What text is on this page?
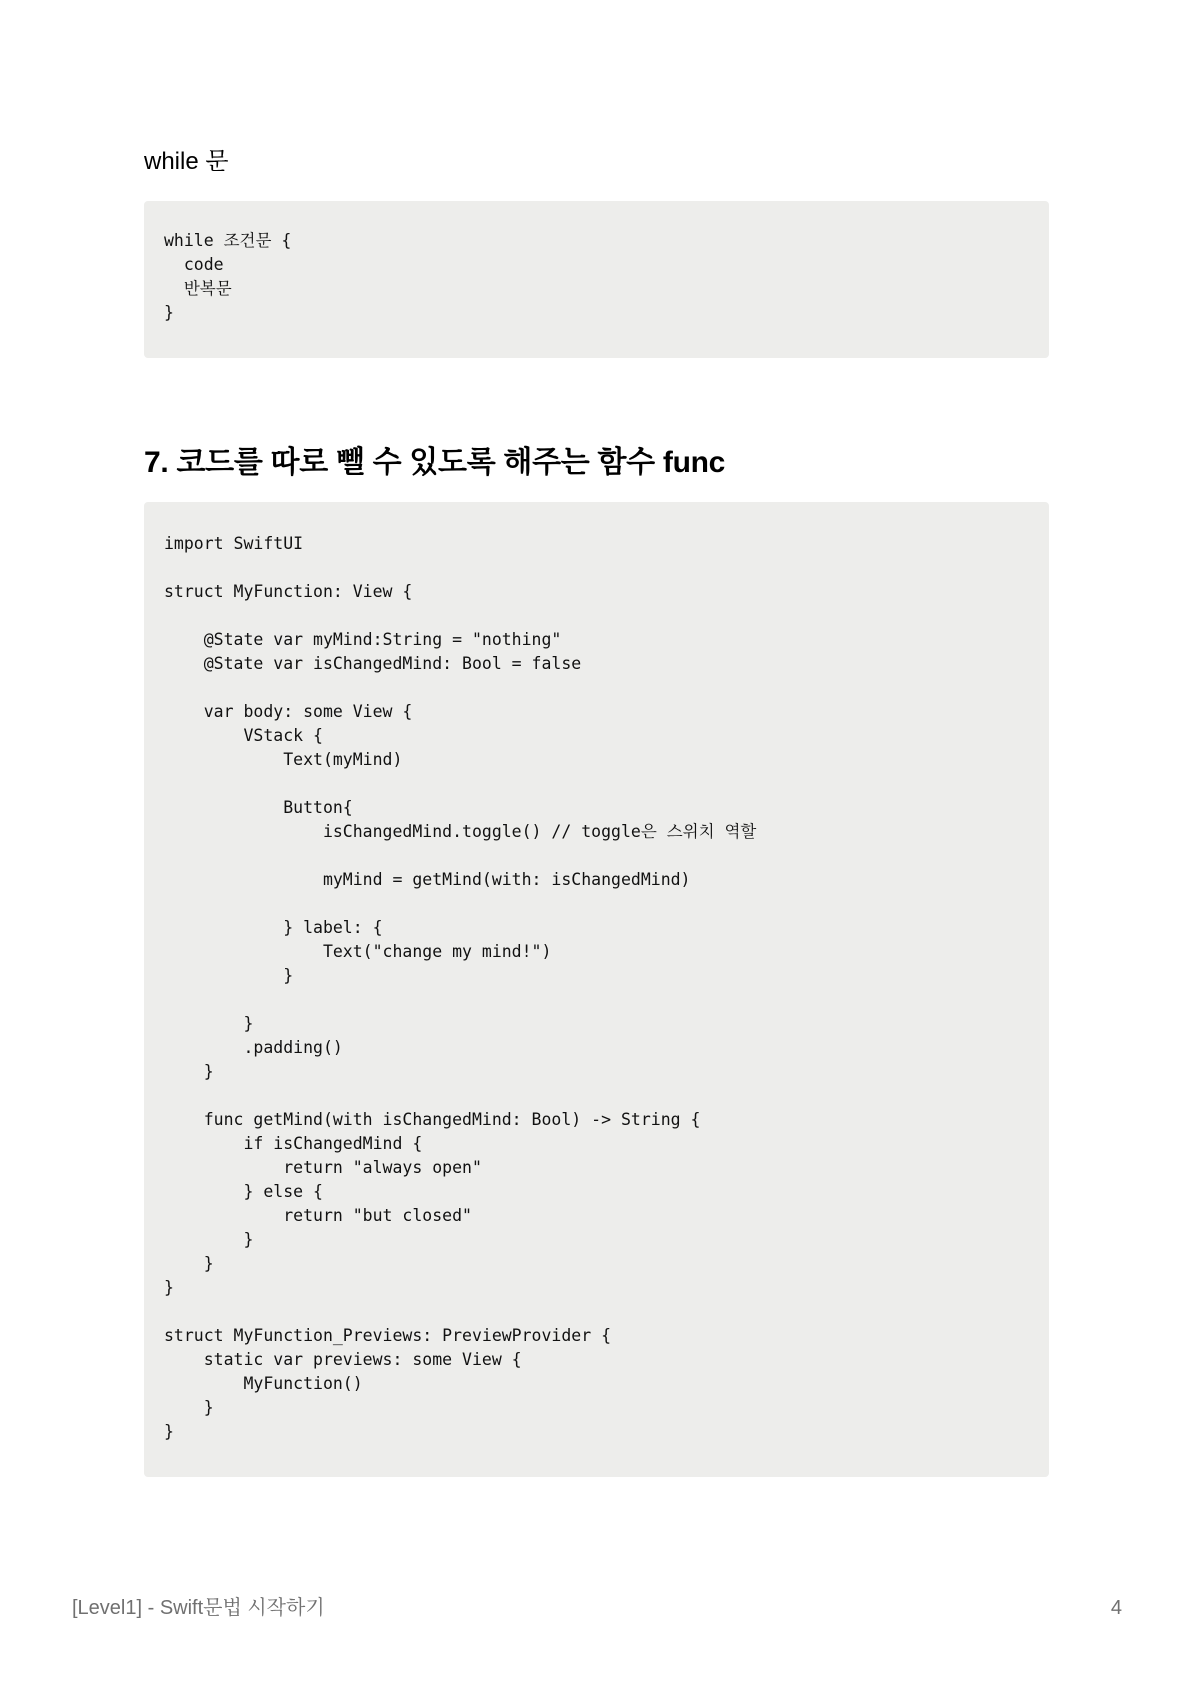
while 문
while 조건문 {
code
반복문
}
7. 코드를 따로 뺄 수 있도록 해주는 함수 func
import SwiftUI

struct MyFunction: View {

@State var myMind:String = "nothing"
@State var isChangedMind: Bool = false

var body: some View {
VStack {
Text(myMind)

Button{
isChangedMind.toggle() // toggle은 스위치 역할

myMind = getMind(with: isChangedMind)

} label: {
Text("change my mind!")
}

}
.padding()
}

func getMind(with isChangedMind: Bool) -> String {
if isChangedMind {
return "always open"
} else {
return "but closed"
}
}
}

struct MyFunction_Previews: PreviewProvider {
static var previews: some View {
MyFunction()
}
}
[Level1] - Swift문법 시작하기	4
